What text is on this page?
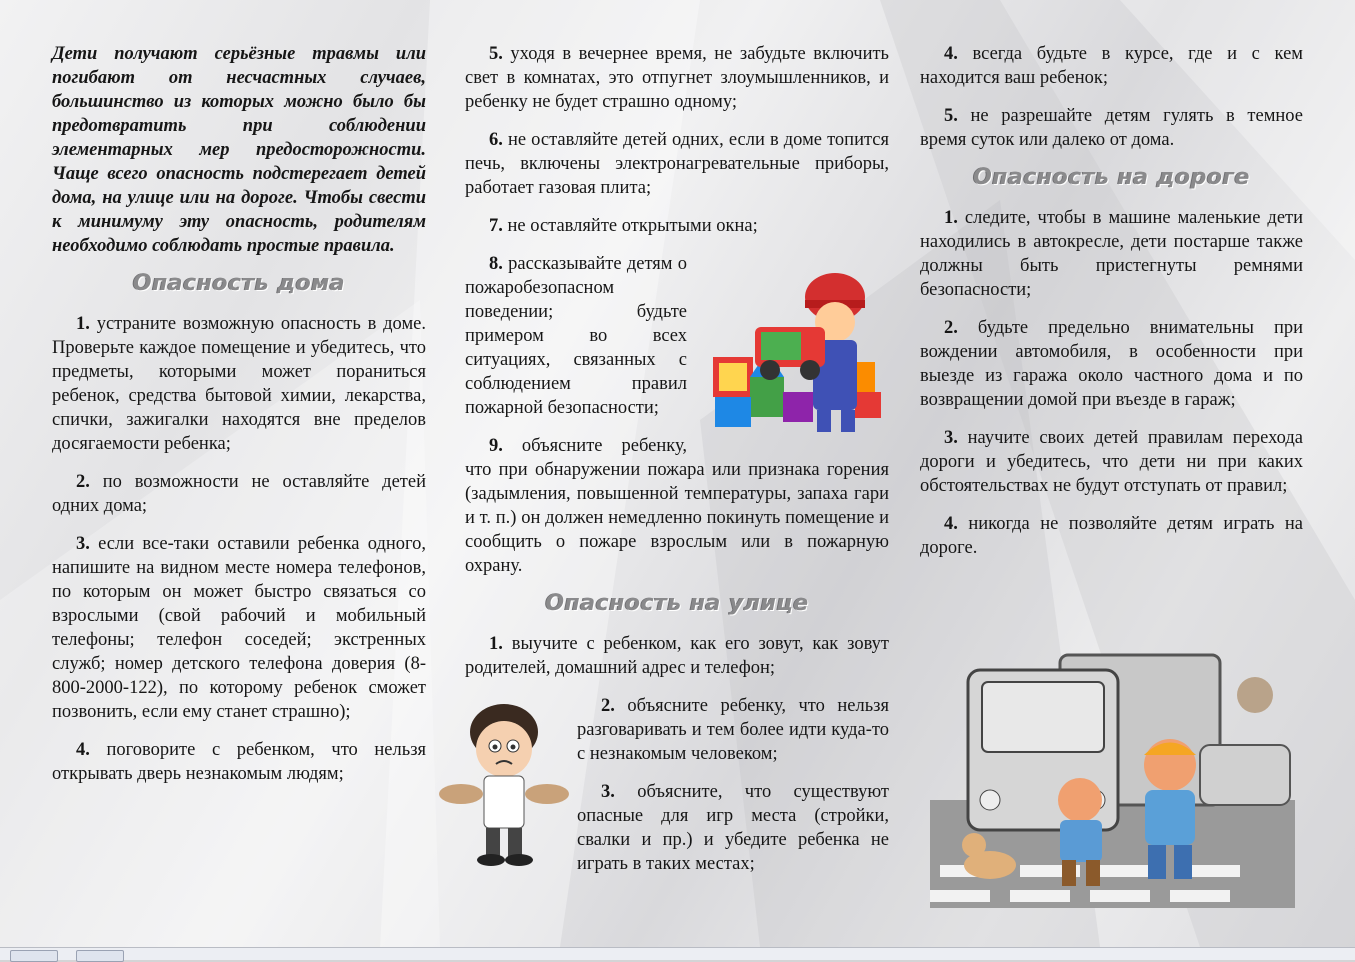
Дети получают серьёзные травмы или погибают от несчастных случаев, большинство из которых можно было бы предотвратить при соблюдении элементарных мер предосторожности. Чаще всего опасность подстерегает детей дома, на улице или на дороге. Чтобы свести к минимуму эту опасность, родителям необходимо соблюдать простые правила.

Опасность дома

1. устраните возможную опасность в доме. Проверьте каждое помещение и убедитесь, что предметы, которыми может пораниться ребенок, средства бытовой химии, лекарства, спички, зажигалки находятся вне пределов досягаемости ребенка;

2. по возможности не оставляйте детей одних дома;

3. если все-таки оставили ребенка одного, напишите на видном месте номера телефонов, по которым он может быстро связаться со взрослыми (свой рабочий и мобильный телефоны; телефон соседей; экстренных служб; номер детского телефона доверия (8-800-2000-122), по которому ребенок сможет позвонить, если ему станет страшно);

4. поговорите с ребенком, что нельзя открывать дверь незнакомым людям;

5. уходя в вечернее время, не забудьте включить свет в комнатах, это отпугнет злоумышленников, и ребенку не будет страшно одному;

6. не оставляйте детей одних, если в доме топится печь, включены электронагревательные приборы, работает газовая плита;

7. не оставляйте открытыми окна;

8. рассказывайте детям о пожаробезопасном поведении; будьте примером во всех ситуациях, связанных с соблюдением правил пожарной безопасности;

9. объясните ребенку, что при обнаружении пожара или признака горения (задымления, повышенной температуры, запаха гари и т. п.) он должен немедленно покинуть помещение и сообщить о пожаре взрослым или в пожарную охрану.

Опасность на улице

1. выучите с ребенком, как его зовут, как зовут родителей, домашний адрес и телефон;

2. объясните ребенку, что нельзя разговаривать и тем более идти куда-то с незнакомым человеком;

3. объясните, что существуют опасные для игр места (стройки, свалки и пр.) и убедите ребенка не играть в таких местах;

4. всегда будьте в курсе, где и с кем находится ваш ребенок;

5. не разрешайте детям гулять в темное время суток или далеко от дома.

Опасность на дороге

1. следите, чтобы в машине маленькие дети находились в автокресле, дети постарше также должны быть пристегнуты ремнями безопасности;

2. будьте предельно внимательны при вождении автомобиля, в особенности при выезде из гаража около частного дома и по возвращении домой при въезде в гараж;

3. научите своих детей правилам перехода дороги и убедитесь, что дети ни при каких обстоятельствах не будут отступать от правил;

4. никогда не позволяйте детям играть на дороге.
